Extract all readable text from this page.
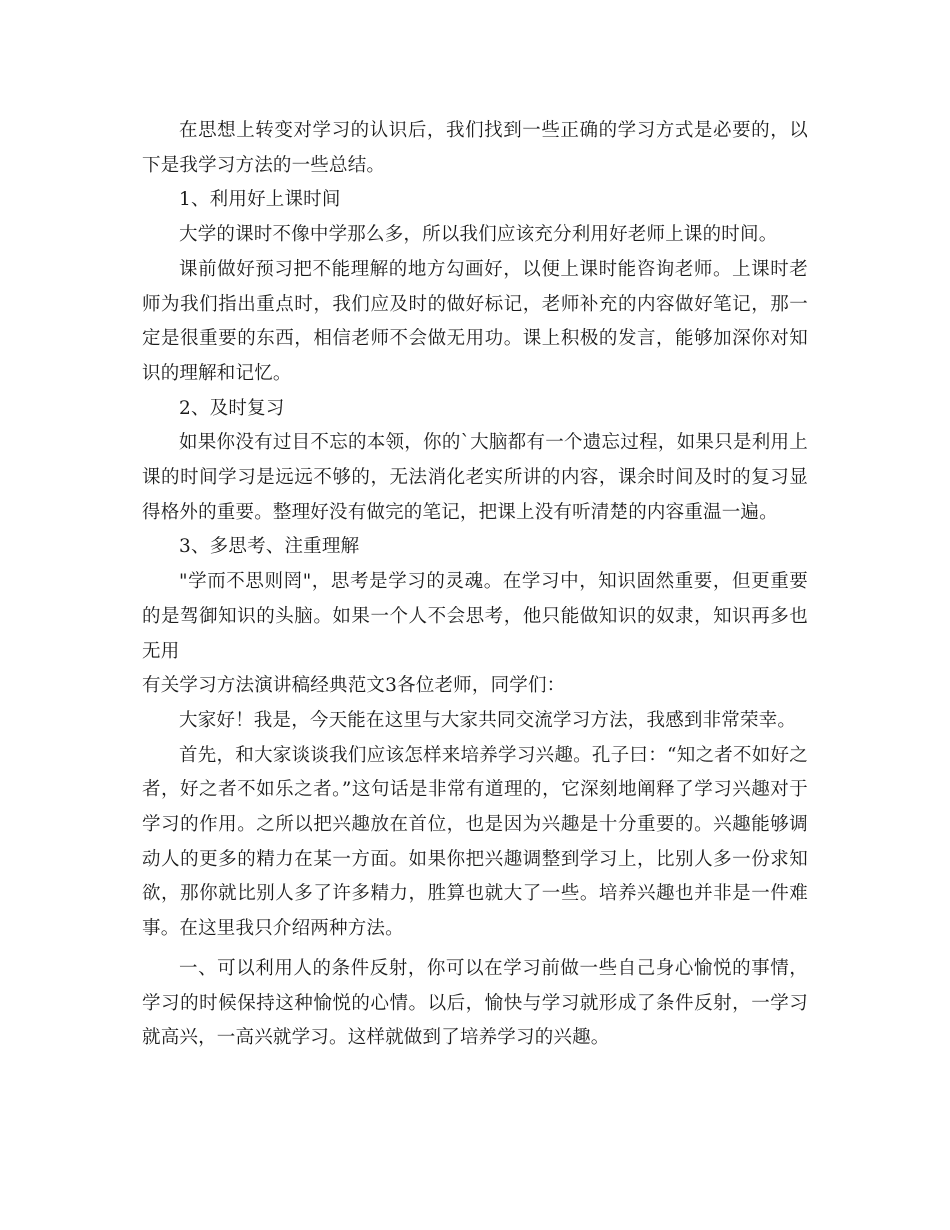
在思想上转变对学习的认识后，我们找到一些正确的学习方式是必要的，以下是我学习方法的一些总结。

1、利用好上课时间

大学的课时不像中学那么多，所以我们应该充分利用好老师上课的时间。

课前做好预习把不能理解的地方勾画好，以便上课时能咨询老师。上课时老师为我们指出重点时，我们应及时的做好标记，老师补充的内容做好笔记，那一定是很重要的东西，相信老师不会做无用功。课上积极的发言，能够加深你对知识的理解和记忆。

2、及时复习

如果你没有过目不忘的本领，你的`大脑都有一个遗忘过程，如果只是利用上课的时间学习是远远不够的，无法消化老实所讲的内容，课余时间及时的复习显得格外的重要。整理好没有做完的笔记，把课上没有听清楚的内容重温一遍。

3、多思考、注重理解

"学而不思则罔"，思考是学习的灵魂。在学习中，知识固然重要，但更重要的是驾御知识的头脑。如果一个人不会思考，他只能做知识的奴隶，知识再多也无用

有关学习方法演讲稿经典范文3各位老师，同学们：

大家好！我是，今天能在这里与大家共同交流学习方法，我感到非常荣幸。

首先，和大家谈谈我们应该怎样来培养学习兴趣。孔子曰：“知之者不如好之者，好之者不如乐之者。”这句话是非常有道理的，它深刻地阐释了学习兴趣对于学习的作用。之所以把兴趣放在首位，也是因为兴趣是十分重要的。兴趣能够调动人的更多的精力在某一方面。如果你把兴趣调整到学习上，比别人多一份求知欲，那你就比别人多了许多精力，胜算也就大了一些。培养兴趣也并非是一件难事。在这里我只介绍两种方法。

一、可以利用人的条件反射，你可以在学习前做一些自己身心愉悦的事情，学习的时候保持这种愉悦的心情。以后，愉快与学习就形成了条件反射，一学习就高兴，一高兴就学习。这样就做到了培养学习的兴趣。
